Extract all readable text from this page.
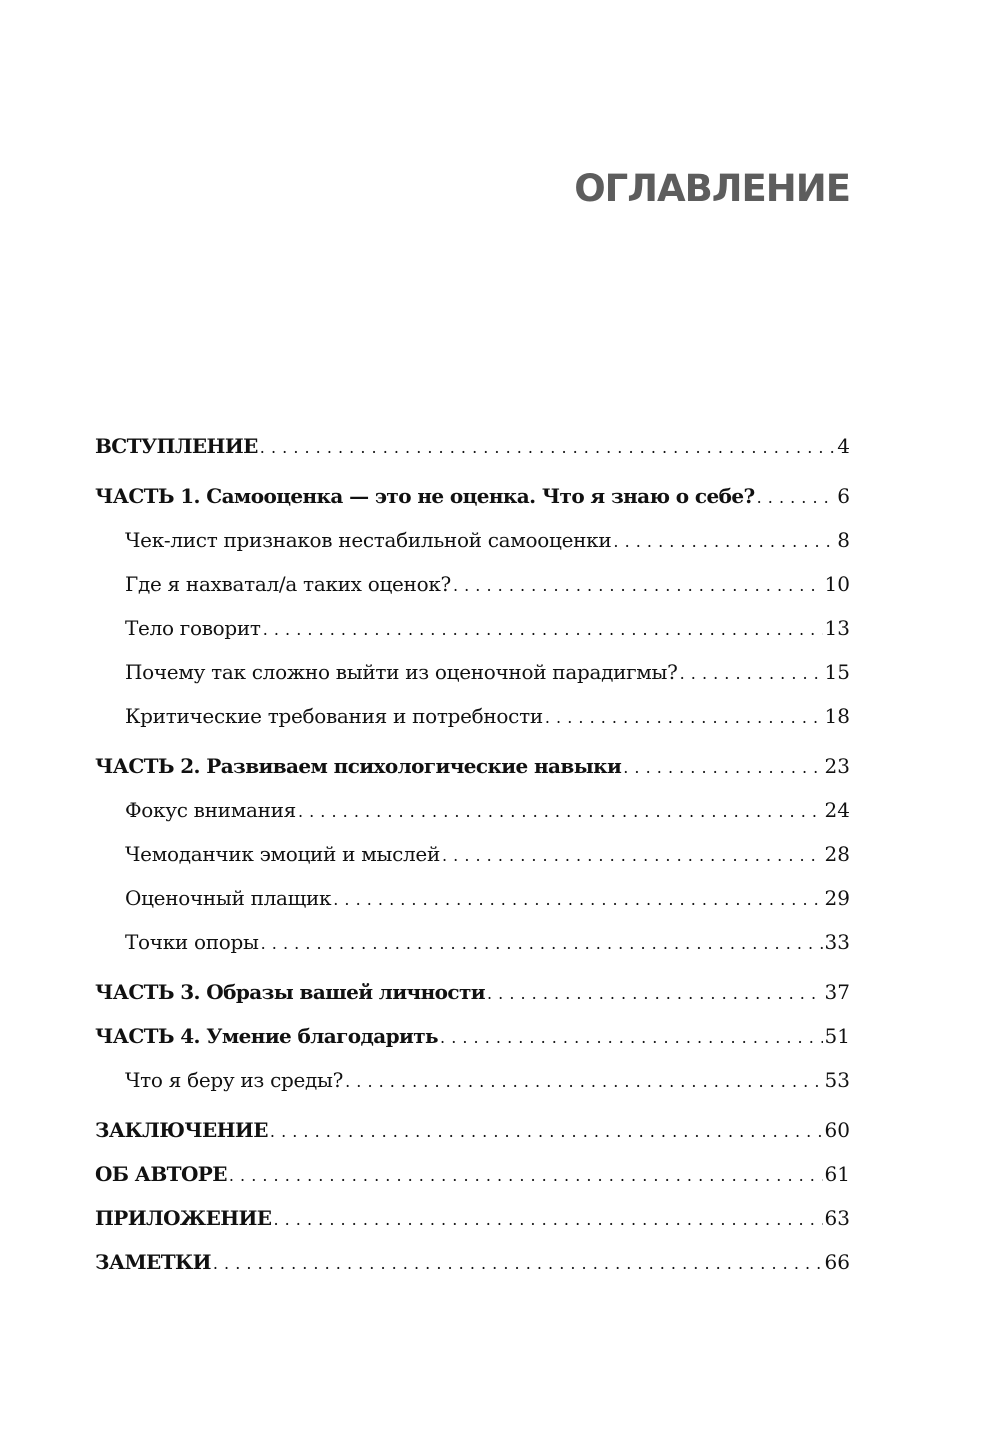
ОГЛАВЛЕНИЕ
ВСТУПЛЕНИЕ . . .	4
ЧАСТЬ 1. Самооценка — это не оценка. Что я знаю о себе? . . .	6
Чек-лист признаков нестабильной самооценки . . .	8
Где я нахватал/а таких оценок? . . .	10
Тело говорит . . .	13
Почему так сложно выйти из оценочной парадигмы? . . .	15
Критические требования и потребности . . .	18
ЧАСТЬ 2. Развиваем психологические навыки . . .	23
Фокус внимания . . .	24
Чемоданчик эмоций и мыслей . . .	28
Оценочный плащик . . .	29
Точки опоры . . .	33
ЧАСТЬ 3. Образы вашей личности . . .	37
ЧАСТЬ 4. Умение благодарить . . .	51
Что я беру из среды? . . .	53
ЗАКЛЮЧЕНИЕ . . .	60
ОБ АВТОРЕ . . .	61
ПРИЛОЖЕНИЕ . . .	63
ЗАМЕТКИ . . .	66
